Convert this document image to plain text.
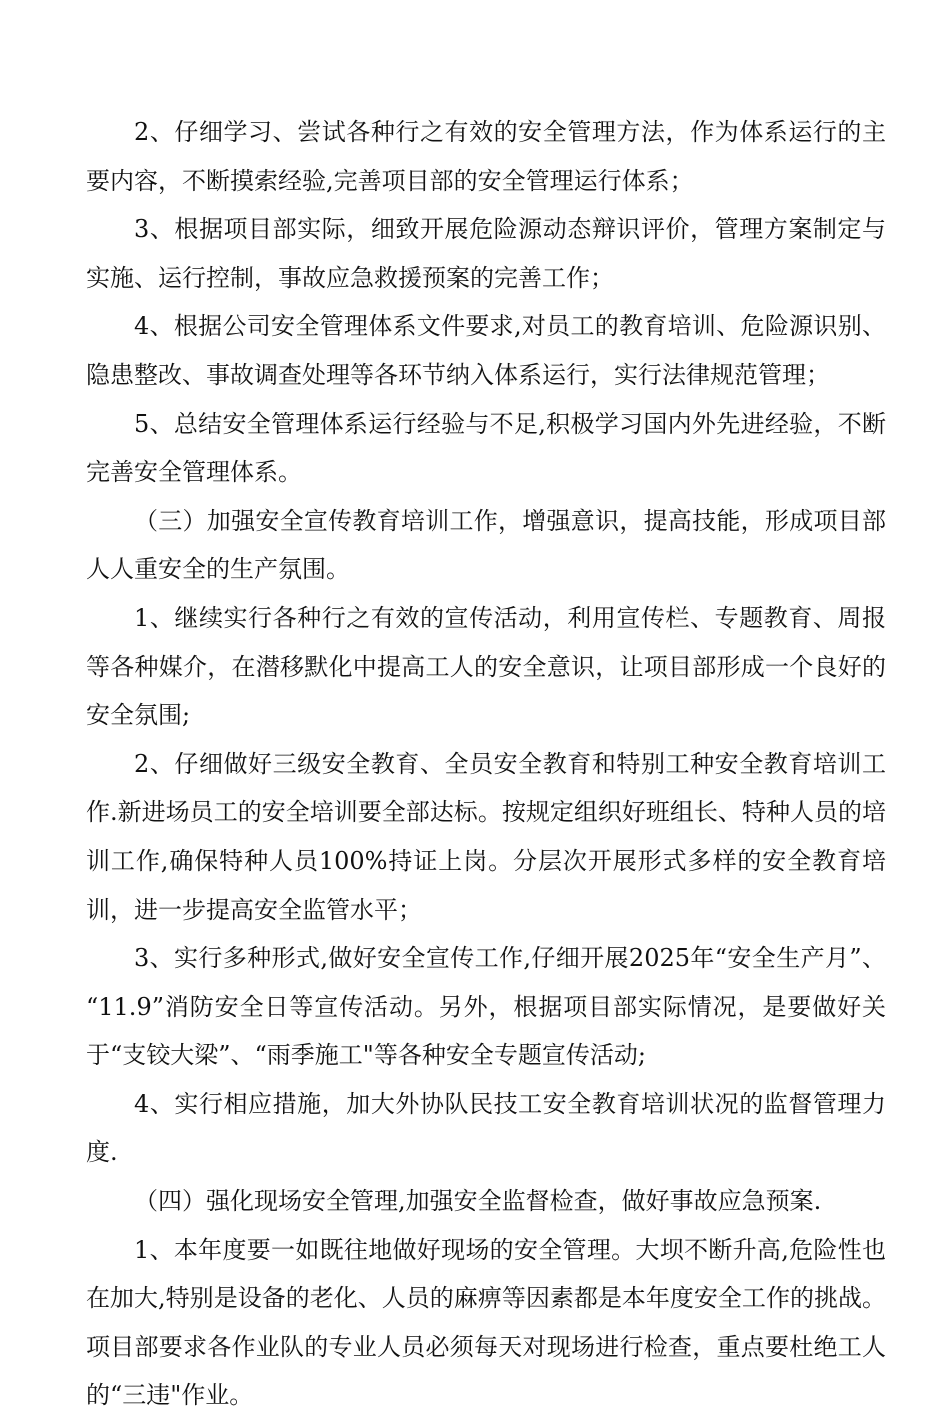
2、仔细学习、尝试各种行之有效的安全管理方法，作为体系运行的主要内容，不断摸索经验,完善项目部的安全管理运行体系；

3、根据项目部实际，细致开展危险源动态辩识评价，管理方案制定与实施、运行控制，事故应急救援预案的完善工作；

4、根据公司安全管理体系文件要求,对员工的教育培训、危险源识别、隐患整改、事故调查处理等各环节纳入体系运行，实行法律规范管理；

5、总结安全管理体系运行经验与不足,积极学习国内外先进经验，不断完善安全管理体系。

（三）加强安全宣传教育培训工作，增强意识，提高技能，形成项目部人人重安全的生产氛围。

1、继续实行各种行之有效的宣传活动，利用宣传栏、专题教育、周报等各种媒介，在潜移默化中提高工人的安全意识，让项目部形成一个良好的安全氛围;

2、仔细做好三级安全教育、全员安全教育和特别工种安全教育培训工作.新进场员工的安全培训要全部达标。按规定组织好班组长、特种人员的培训工作,确保特种人员100%持证上岗。分层次开展形式多样的安全教育培训，进一步提高安全监管水平；

3、实行多种形式,做好安全宣传工作,仔细开展2025年“安全生产月”、 “11.9”消防安全日等宣传活动。另外，根据项目部实际情况，是要做好关于“支铰大梁”、“雨季施工"等各种安全专题宣传活动;

4、实行相应措施，加大外协队民技工安全教育培训状况的监督管理力度.

（四）强化现场安全管理,加强安全监督检查，做好事故应急预案.

1、本年度要一如既往地做好现场的安全管理。大坝不断升高,危险性也在加大,特别是设备的老化、人员的麻痹等因素都是本年度安全工作的挑战。项目部要求各作业队的专业人员必须每天对现场进行检查，重点要杜绝工人的“三违"作业。
